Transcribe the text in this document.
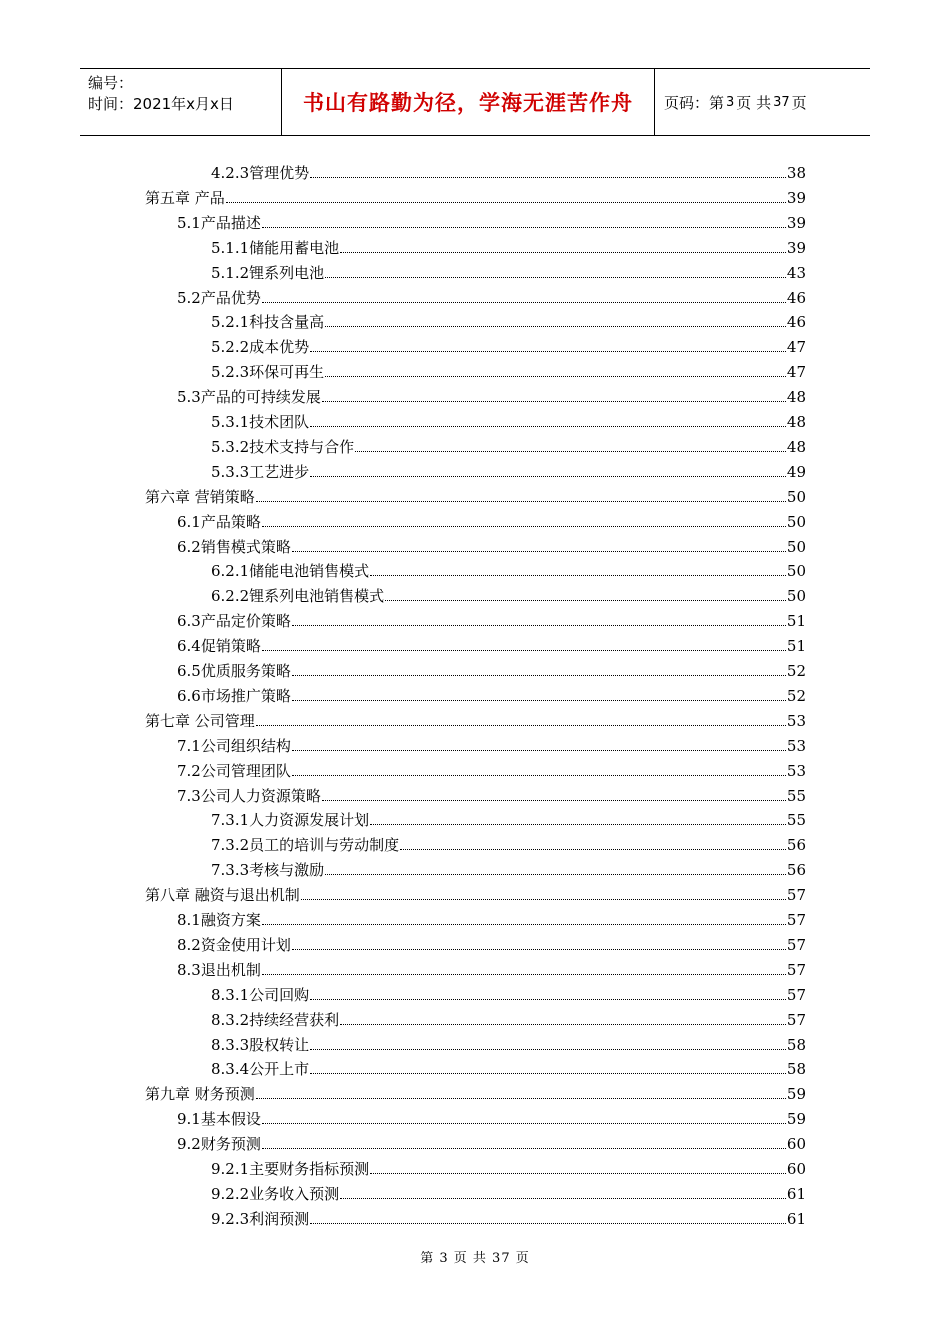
编号：
时间：2021年x月x日	书山有路勤为径，学海无涯苦作舟 页码：第 3 页 共 37 页
4.2.3管理优势	38
第五章 产品	39
5.1产品描述	39
5.1.1储能用蓄电池	39
5.1.2锂系列电池	43
5.2产品优势	46
5.2.1科技含量高	46
5.2.2成本优势	47
5.2.3环保可再生	47
5.3产品的可持续发展	48
5.3.1技术团队	48
5.3.2技术支持与合作	48
5.3.3工艺进步	49
第六章 营销策略	50
6.1产品策略	50
6.2销售模式策略	50
6.2.1储能电池销售模式	50
6.2.2锂系列电池销售模式	50
6.3产品定价策略	51
6.4促销策略	51
6.5优质服务策略	52
6.6市场推广策略	52
第七章 公司管理	53
7.1公司组织结构	53
7.2公司管理团队	53
7.3公司人力资源策略	55
7.3.1人力资源发展计划	55
7.3.2员工的培训与劳动制度	56
7.3.3考核与激励	56
第八章 融资与退出机制	57
8.1融资方案	57
8.2资金使用计划	57
8.3退出机制	57
8.3.1公司回购	57
8.3.2持续经营获利	57
8.3.3股权转让	58
8.3.4公开上市	58
第九章 财务预测	59
9.1基本假设	59
9.2财务预测	60
9.2.1主要财务指标预测	60
9.2.2业务收入预测	61
9.2.3利润预测	61
第 3 页 共 37 页
